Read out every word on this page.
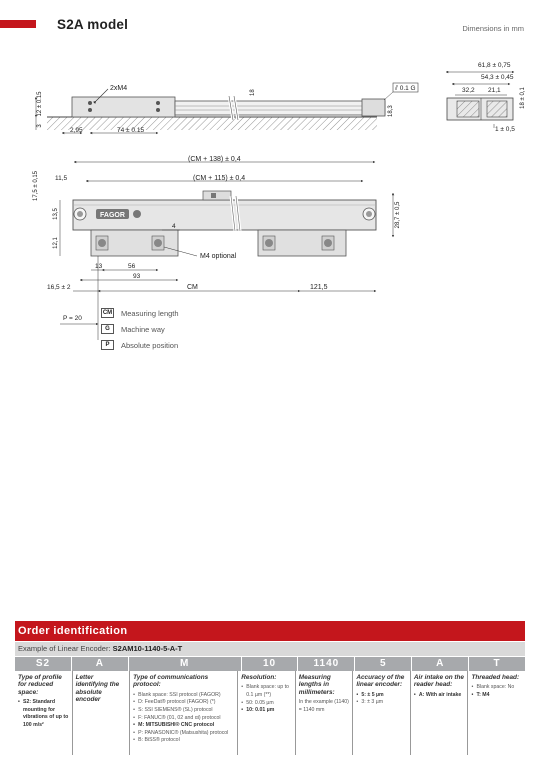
S2A model	Dimensions in mm
2xM4
12 ± 0.15
3
2,95	74 ± 0.15
18
18,3
⫽ 0.1 G
61,8 ± 0,75
54,3 ± 0,45
32,2 21,1	18 ± 0,1
1 ± 0,5
(CM + 138) ± 0,4
(CM + 115) ± 0,4
FAGOR
17,5 ± 0,15 11,5
13,5
12,1
4	28,7 ± 0,5
M4 optional
13	56
93
16,5 ± 2	CM	121,5
P = 20
CM Measuring length
G	Machine way
P	Absolute position
Order identification
Example of Linear Encoder: S2AM10-1140-5-A-T
S2	A	M	10	1140	5	A	T
Type of profile for reduced space:
• S2: Standard mounting for vibrations of up to 100 m/s²
Letter identifying the absolute encoder
Type of communications protocol:
• Blank space: SSI protocol (FAGOR)
• D: FeeDat® protocol (FAGOR) (*)
• S: SSI SIEMENS® (SL) protocol
• F: FANUC® (01, 02 and αi) protocol
• M: MITSUBISHI® CNC protocol
• P: PANASONIC® (Matsushita) protocol
• B: BiSS® protocol
Resolution:
• Blank space: up to 0.1 µm (**)
• 50: 0.05 µm
• 10: 0.01 µm
Measuring lengths in millimeters:
In the example (1140) = 1140 mm
Accuracy of the linear encoder:
• 5: ± 5 µm
• 3: ± 3 µm
Air intake on the reader head:
• A: With air intake
Threaded head:
• Blank space: No
• T: M4
